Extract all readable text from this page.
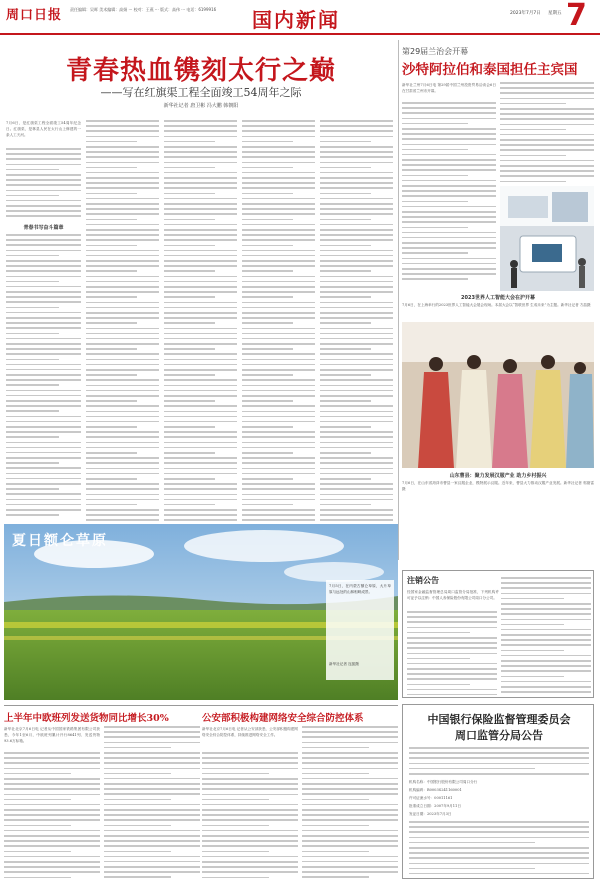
周口日报 责任编辑：吴晖 美术编辑：高娟 ··· 校对：王燕 ··· 版式：高伟 ··· 电话：6199916	国内新闻	2023年7月7日 星期五 7
青春热血镌刻太行之巅
——写在红旗渠工程全面竣工54周年之际
新华社记者 唐卫彬 冯大鹏 韩朝阳
7月6日，是红旗渠工程全面竣工54周年纪念日。红旗渠，是林县人民在太行山上修建的一条人工天河。
青春书写奋斗篇章
第29届兰治会开幕
沙特阿拉伯和泰国担任主宾国
新华社兰州7月6日电 第29届中国兰州投资贸易洽谈会6日在甘肃省兰州市开幕。
2023世界人工智能大会在沪开幕
7月6日，在上海举行的2023世界人工智能大会展会现场。本届大会以“智联世界 生成未来”为主题。新华社记者 方喆摄
山东曹县：聚力发展汉服产业 助力乡村振兴
7月6日，在山东省菏泽市曹县一家汉服企业，模特展示汉服。近年来，曹县大力推动汉服产业发展。新华社记者 郭绪雷摄
夏日额仑草原
7月5日，在内蒙古额仑草原，大片草原与远处的山林相映成景。
新华社记者 连振摄
注销公告
经国家金融监督管理总局周口监管分局批准，下列机构许可证予以注销：中国人寿保险股份有限公司周口分公司。
中国银行保险监督管理委员会
周口监管分局公告
机构名称：中国银行股份有限公司周口分行
机构编码：B0003S241160001
许可证流水号：00011161
批准成立日期：2007年9月11日
发证日期：2023年7月3日
上半年中欧班列发送货物同比增长30%
新华社北京7月6日电 记者从中国国家铁路集团有限公司获悉，今年1至6月，中欧班列累计开行8641列、发送货物93.6万标箱。
公安部积极构建网络安全综合防控体系
新华社北京7月6日电 记者从公安部获悉，公安部积极构建网络安全综合防控体系，持续推进网络安全工作。
